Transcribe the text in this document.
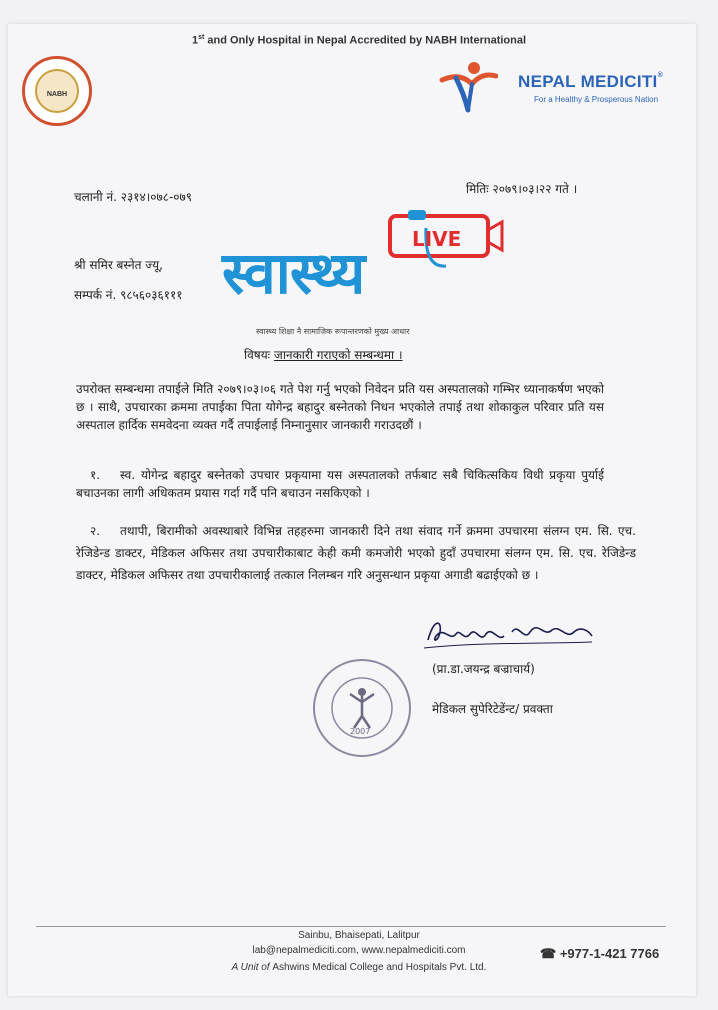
1st and Only Hospital in Nepal Accredited by NABH International
NABH
NEPAL MEDICITI®
For a Healthy & Prosperous Nation
चलानी नं. २३१४।०७८-०७९
मितिः २०७९।०३।२२ गते ।
श्री समिर बस्नेत ज्यू,
सम्पर्क नं. ९८५६०३६१११
LIVE
स्वास्थ्य
स्वास्थ्य शिक्षा नै सामाजिक रूपान्तरणको मुख्य आधार
विषयः जानकारी गराएको सम्बन्धमा ।
उपरोक्त सम्बन्धमा तपाईले मिति २०७९।०३।०६ गते पेश गर्नु भएको निवेदन प्रति यस अस्पतालको गम्भिर ध्यानाकर्षण भएको छ । साथै, उपचारका क्रममा तपाईका पिता योगेन्द्र बहादुर बस्नेतको निधन भएकोले तपाई तथा शोकाकुल परिवार प्रति यस अस्पताल हार्दिक समवेदना व्यक्त गर्दै तपाईलाई निम्नानुसार जानकारी गराउदछौं ।
१. स्व. योगेन्द्र बहादुर बस्नेतको उपचार प्रकृयामा यस अस्पतालको तर्फबाट सबै चिकित्सकिय विधी प्रकृया पुर्याई बचाउनका लागी अधिकतम प्रयास गर्दा गर्दै पनि बचाउन नसकिएको ।
२. तथापी, बिरामीको अवस्थाबारे विभिन्न तहहरुमा जानकारी दिने तथा संवाद गर्ने क्रममा उपचारमा संलग्न एम. सि. एच. रेजिडेन्ड डाक्टर, मेडिकल अफिसर तथा उपचारीकाबाट केही कमी कमजोरी भएको हुदाँ उपचारमा संलग्न एम. सि. एच. रेजिडेन्ड डाक्टर, मेडिकल अफिसर तथा उपचारीकालाई तत्काल निलम्बन गरि अनुसन्धान प्रकृया अगाडी बढाईएको छ ।
(प्रा.डा.जयन्द्र बज्राचार्य)
मेडिकल सुपेरिटेडेंन्ट/ प्रवक्ता
2007
Sainbu, Bhaisepati, Lalitpur
lab@nepalmediciti.com, www.nepalmediciti.com
A Unit of Ashwins Medical College and Hospitals Pvt. Ltd.
☎ +977-1-421 7766
